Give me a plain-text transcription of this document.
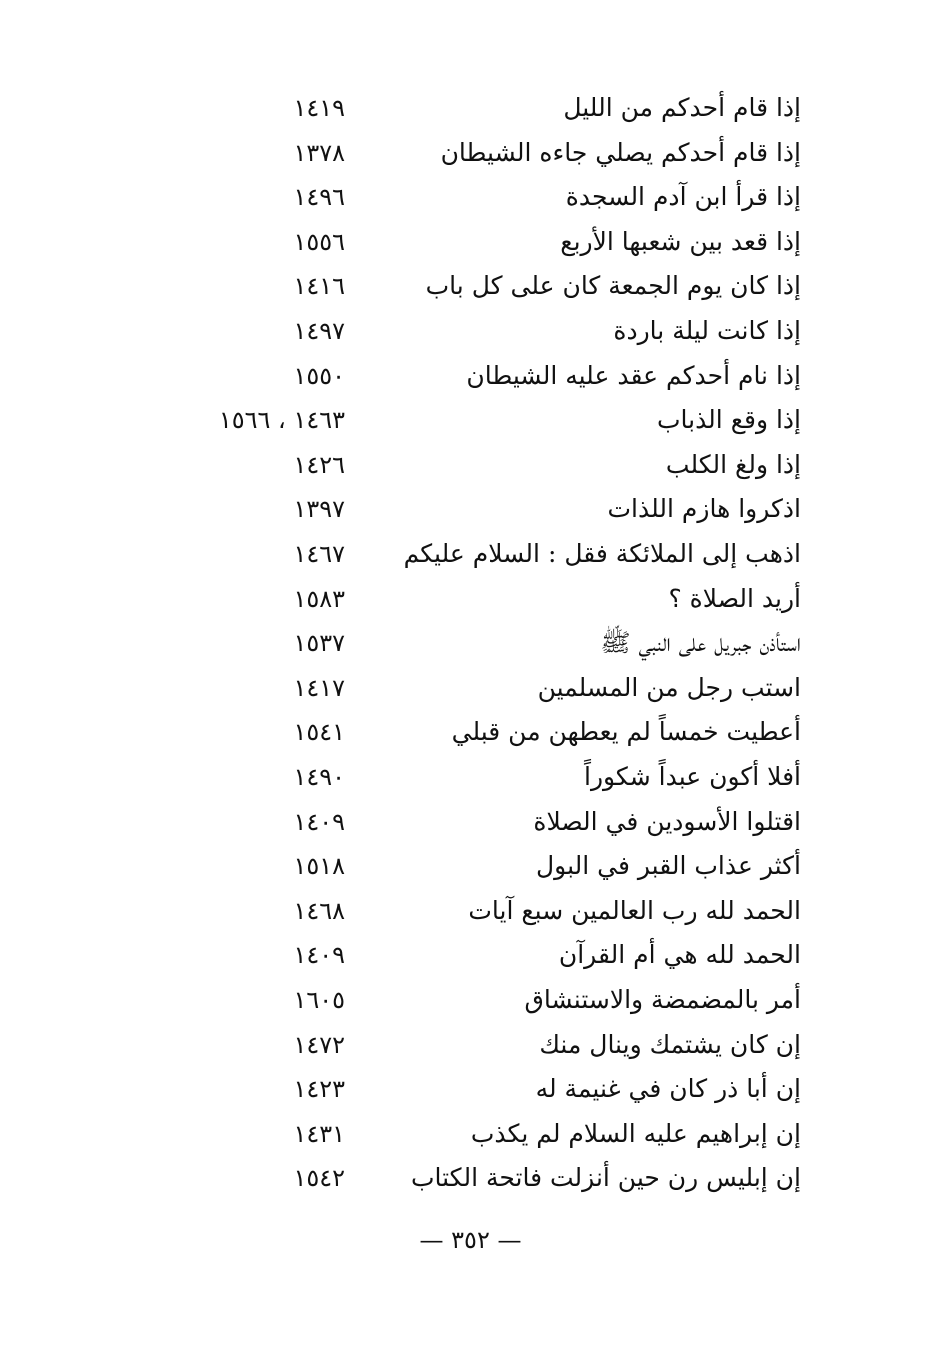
إذا قام أحدكم من الليل
١٤١٩
إذا قام أحدكم يصلي جاءه الشيطان
١٣٧٨
إذا قرأ ابن آدم السجدة
١٤٩٦
إذا قعد بين شعبها الأربع
١٥٥٦
إذا كان يوم الجمعة كان على كل باب
١٤١٦
إذا كانت ليلة باردة
١٤٩٧
إذا نام أحدكم عقد عليه الشيطان
١٥٥٠
إذا وقع الذباب
١٤٦٣ ، ١٥٦٦
إذا ولغ الكلب
١٤٢٦
اذكروا هازم اللذات
١٣٩٧
اذهب إلى الملائكة فقل : السلام عليكم
١٤٦٧
أريد الصلاة ؟
١٥٨٣
استأذن جبريل على النبي ﷺ
١٥٣٧
استب رجل من المسلمين
١٤١٧
أعطيت خمساً لم يعطهن من قبلي
١٥٤١
أفلا أكون عبداً شكوراً
١٤٩٠
اقتلوا الأسودين في الصلاة
١٤٠٩
أكثر عذاب القبر في البول
١٥١٨
الحمد لله رب العالمين سبع آيات
١٤٦٨
الحمد لله هي أم القرآن
١٤٠٩
أمر بالمضمضة والاستنشاق
١٦٠٥
إن كان يشتمك وينال منك
١٤٧٢
إن أبا ذر كان في غنيمة له
١٤٢٣
إن إبراهيم عليه السلام لم يكذب
١٤٣١
إن إبليس رن حين أنزلت فاتحة الكتاب
١٥٤٢
— ٣٥٢ —
